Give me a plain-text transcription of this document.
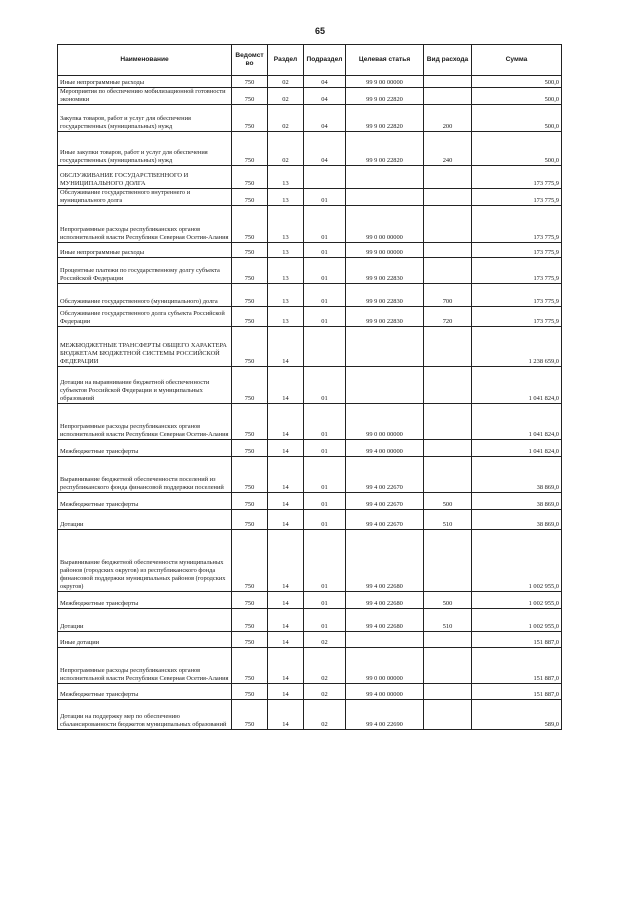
65
Наименование	Ведомст во	Раздел	Подраздел	Целевая статья	Вид расхода	Сумма
Иные непрограммные расходы	750	02	04	99 9 00 00000		500,0
Мероприятия по обеспечению мобилизационной готовности экономики	750	02	04	99 9 00 22820		500,0
Закупка товаров, работ и услуг для обеспечения государственных (муниципальных) нужд	750	02	04	99 9 00 22820	200	500,0
Иные закупки товаров, работ и услуг для обеспечения государственных (муниципальных) нужд	750	02	04	99 9 00 22820	240	500,0
ОБСЛУЖИВАНИЕ ГОСУДАРСТВЕННОГО И МУНИЦИПАЛЬНОГО ДОЛГА	750	13				173 775,9
Обслуживание государственного внутреннего и муниципального долга	750	13	01			173 775,9
Непрограммные расходы республиканских органов исполнительной власти Республики Северная Осетия-Алания	750	13	01	99 0 00 00000		173 775,9
Иные непрограммные расходы	750	13	01	99 9 00 00000		173 775,9
Процентные платежи по государственному долгу субъекта Российской Федерации	750	13	01	99 9 00 22830		173 775,9
Обслуживание государственного (муниципального) долга	750	13	01	99 9 00 22830	700	173 775,9
Обслуживание государственного долга субъекта Российской Федерации	750	13	01	99 9 00 22830	720	173 775,9
МЕЖБЮДЖЕТНЫЕ ТРАНСФЕРТЫ ОБЩЕГО ХАРАКТЕРА БЮДЖЕТАМ БЮДЖЕТНОЙ СИСТЕМЫ РОССИЙСКОЙ ФЕДЕРАЦИИ	750	14				1 238 659,0
Дотации на выравнивание бюджетной обеспеченности субъектов Российской Федерации и муниципальных образований	750	14	01			1 041 824,0
Непрограммные расходы республиканских органов исполнительной власти Республики Северная Осетия-Алания	750	14	01	99 0 00 00000		1 041 824,0
Межбюджетные трансферты	750	14	01	99 4 00 00000		1 041 824,0
Выравнивание бюджетной обеспеченности поселений из республиканского фонда финансовой поддержки поселений	750	14	01	99 4 00 22670		38 869,0
Межбюджетные трансферты	750	14	01	99 4 00 22670	500	38 869,0
Дотации	750	14	01	99 4 00 22670	510	38 869,0
Выравнивание бюджетной обеспеченности муниципальных районов (городских округов) из республиканского фонда финансовой поддержки муниципальных районов (городских округов)	750	14	01	99 4 00 22680		1 002 955,0
Межбюджетные трансферты	750	14	01	99 4 00 22680	500	1 002 955,0
Дотации	750	14	01	99 4 00 22680	510	1 002 955,0
Иные дотации	750	14	02			151 887,0
Непрограммные расходы республиканских органов исполнительной власти Республики Северная Осетия-Алания	750	14	02	99 0 00 00000		151 887,0
Межбюджетные трансферты	750	14	02	99 4 00 00000		151 887,0
Дотации на поддержку мер по обеспечению сбалансированности бюджетов муниципальных образований	750	14	02	99 4 00 22690		589,0
